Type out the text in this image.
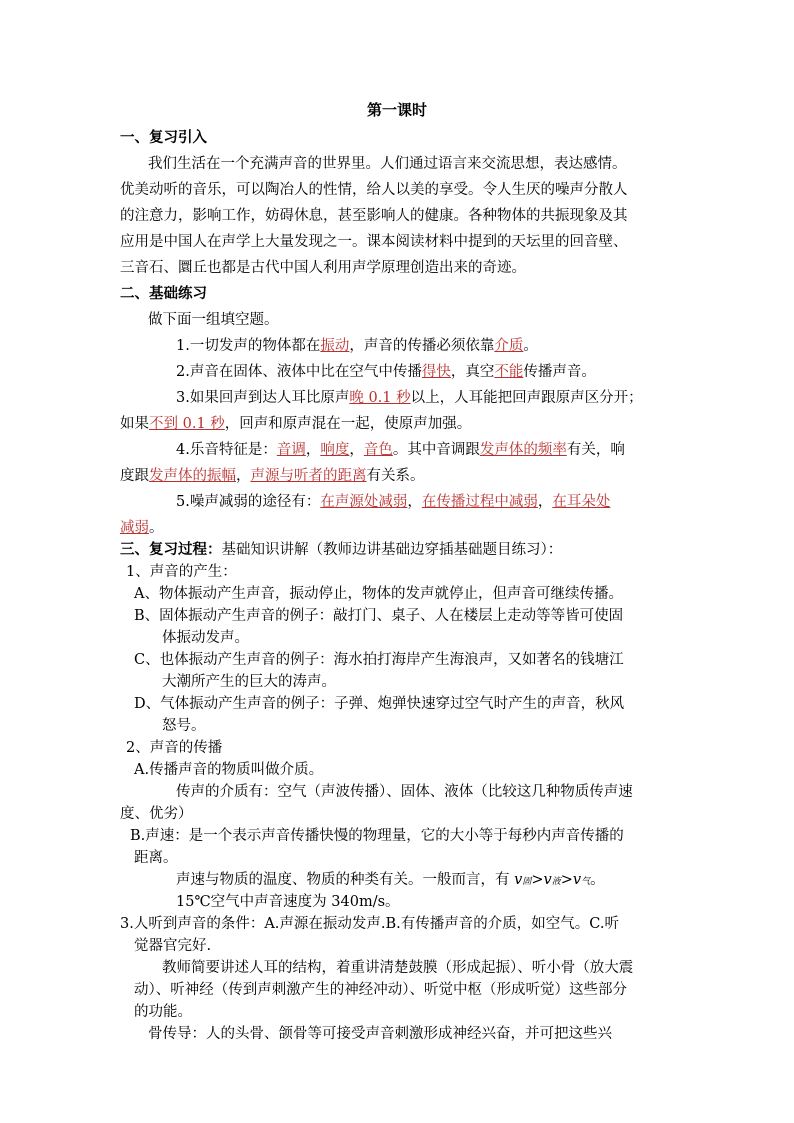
第一课时
一、复习引入
我们生活在一个充满声音的世界里。人们通过语言来交流思想，表达感情。
优美动听的音乐，可以陶冶人的性情，给人以美的享受。令人生厌的噪声分散人
的注意力，影响工作，妨碍休息，甚至影响人的健康。各种物体的共振现象及其
应用是中国人在声学上大量发现之一。课本阅读材料中提到的天坛里的回音壁、
三音石、圜丘也都是古代中国人利用声学原理创造出来的奇迹。
二、基础练习
做下面一组填空题。
1.一切发声的物体都在振动，声音的传播必须依靠介质。
2.声音在固体、液体中比在空气中传播得快，真空不能传播声音。
3.如果回声到达人耳比原声晚 0.1 秒以上，人耳能把回声跟原声区分开；
如果不到 0.1 秒，回声和原声混在一起，使原声加强。
4.乐音特征是：音调，响度，音色。其中音调跟发声体的频率有关，响
度跟发声体的振幅，声源与听者的距离有关系。
5.噪声减弱的途径有：在声源处减弱，在传播过程中减弱，在耳朵处
减弱。
三、复习过程：基础知识讲解（教师边讲基础边穿插基础题目练习）：
1、声音的产生：
A、物体振动产生声音，振动停止，物体的发声就停止，但声音可继续传播。
B、固体振动产生声音的例子：敲打门、桌子、人在楼层上走动等等皆可使固
体振动发声。
C、也体振动产生声音的例子：海水拍打海岸产生海浪声，又如著名的钱塘江
大潮所产生的巨大的涛声。
D、气体振动产生声音的例子：子弹、炮弹快速穿过空气时产生的声音，秋风
怒号。
2、声音的传播
A.传播声音的物质叫做介质。
传声的介质有：空气（声波传播）、固体、液体（比较这几种物质传声速
度、优劣）
B.声速：是一个表示声音传播快慢的物理量，它的大小等于每秒内声音传播的
距离。
声速与物质的温度、物质的种类有关。一般而言，有 v固>v液>v气。
15℃空气中声音速度为 340m/s。
3.人听到声音的条件：A.声源在振动发声.B.有传播声音的介质，如空气。C.听
觉器官完好.
教师简要讲述人耳的结构，着重讲清楚鼓膜（形成起振）、听小骨（放大震
动）、听神经（传到声刺激产生的神经冲动）、听觉中枢（形成听觉）这些部分
的功能。
骨传导：人的头骨、颌骨等可接受声音刺激形成神经兴奋，并可把这些兴
